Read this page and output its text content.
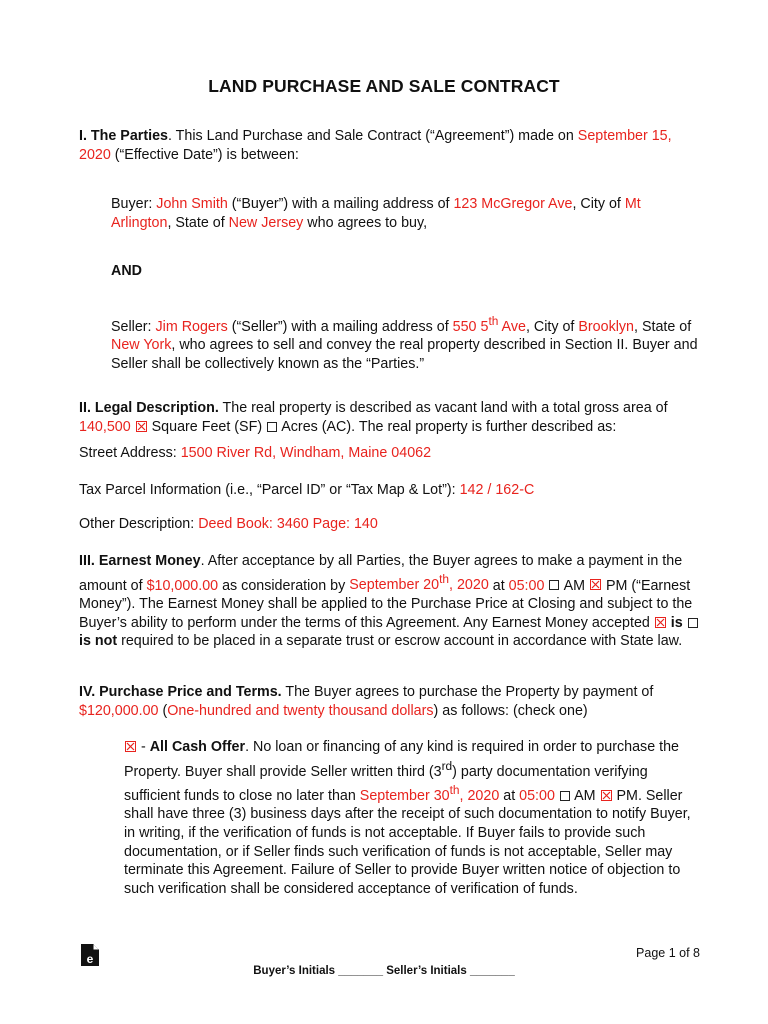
LAND PURCHASE AND SALE CONTRACT
I. The Parties. This Land Purchase and Sale Contract (“Agreement”) made on September 15, 2020 (“Effective Date”) is between:
Buyer: John Smith (“Buyer”) with a mailing address of 123 McGregor Ave, City of Mt Arlington, State of New Jersey who agrees to buy,
AND
Seller: Jim Rogers (“Seller”) with a mailing address of 550 5th Ave, City of Brooklyn, State of New York, who agrees to sell and convey the real property described in Section II. Buyer and Seller shall be collectively known as the “Parties.”
II. Legal Description. The real property is described as vacant land with a total gross area of 140,500  Square Feet (SF)  Acres (AC). The real property is further described as:
Street Address: 1500 River Rd, Windham, Maine 04062
Tax Parcel Information (i.e., “Parcel ID” or “Tax Map & Lot”): 142 / 162-C
Other Description: Deed Book: 3460 Page: 140
III. Earnest Money. After acceptance by all Parties, the Buyer agrees to make a payment in the amount of $10,000.00 as consideration by September 20th, 2020 at 05:00  AM  PM (“Earnest Money”). The Earnest Money shall be applied to the Purchase Price at Closing and subject to the Buyer’s ability to perform under the terms of this Agreement. Any Earnest Money accepted  is  is not required to be placed in a separate trust or escrow account in accordance with State law.
IV. Purchase Price and Terms. The Buyer agrees to purchase the Property by payment of $120,000.00 (One-hundred and twenty thousand dollars) as follows: (check one)
- All Cash Offer. No loan or financing of any kind is required in order to purchase the Property. Buyer shall provide Seller written third (3rd) party documentation verifying sufficient funds to close no later than September 30th, 2020 at 05:00  AM  PM. Seller shall have three (3) business days after the receipt of such documentation to notify Buyer, in writing, if the verification of funds is not acceptable. If Buyer fails to provide such documentation, or if Seller finds such verification of funds is not acceptable, Seller may terminate this Agreement. Failure of Seller to provide Buyer written notice of objection to such verification shall be considered acceptance of verification of funds.
e	Page 1 of 8
Buyer’s Initials _______ Seller’s Initials _______
